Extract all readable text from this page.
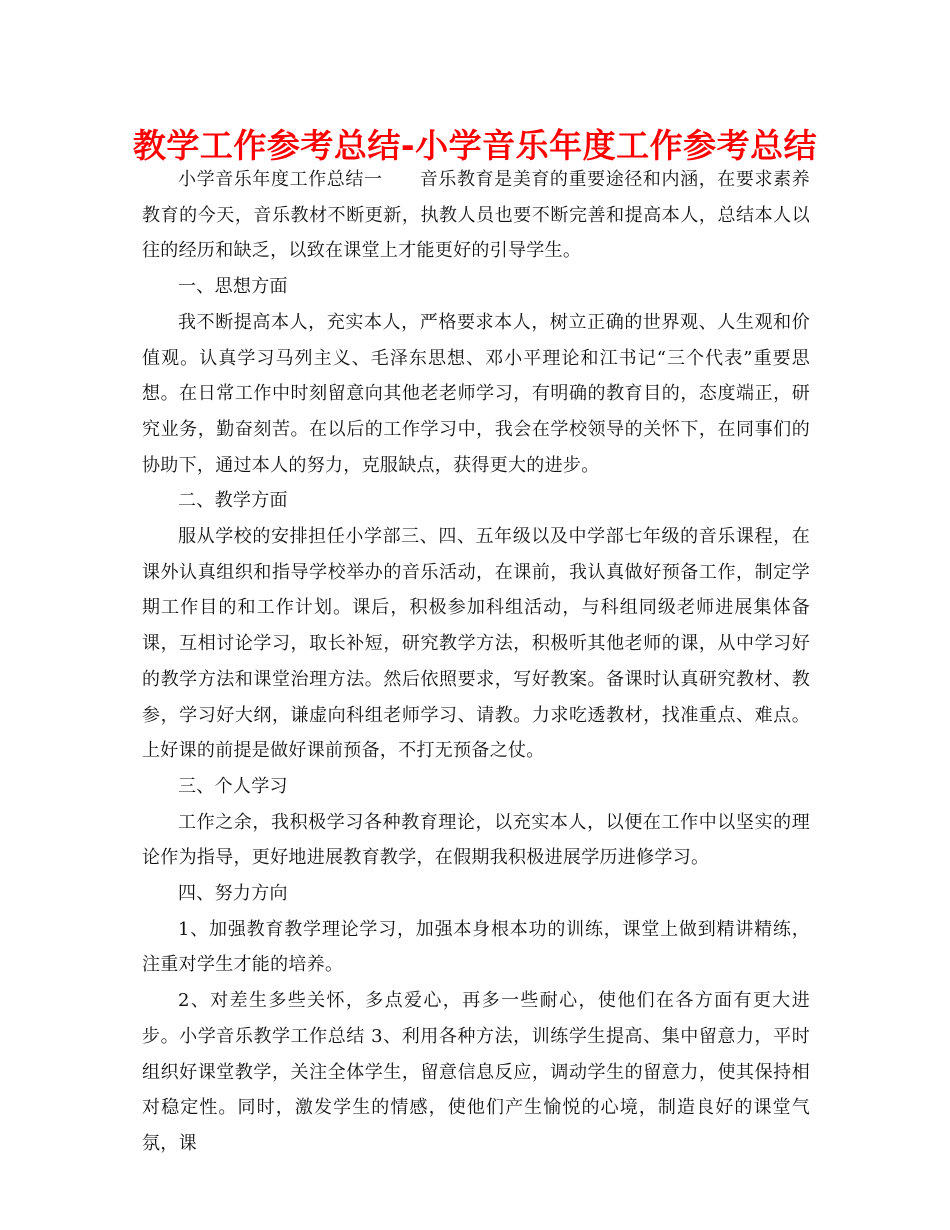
教学工作参考总结-小学音乐年度工作参考总结

小学音乐年度工作总结一　　音乐教育是美育的重要途径和内涵，在要求素养教育的今天，音乐教材不断更新，执教人员也要不断完善和提高本人，总结本人以往的经历和缺乏，以致在课堂上才能更好的引导学生。

一、思想方面

我不断提高本人，充实本人，严格要求本人，树立正确的世界观、人生观和价值观。认真学习马列主义、毛泽东思想、邓小平理论和江书记“三个代表”重要思想。在日常工作中时刻留意向其他老老师学习，有明确的教育目的，态度端正，研究业务，勤奋刻苦。在以后的工作学习中，我会在学校领导的关怀下，在同事们的协助下，通过本人的努力，克服缺点，获得更大的进步。

二、教学方面

服从学校的安排担任小学部三、四、五年级以及中学部七年级的音乐课程，在课外认真组织和指导学校举办的音乐活动，在课前，我认真做好预备工作，制定学期工作目的和工作计划。课后，积极参加科组活动，与科组同级老师进展集体备课，互相讨论学习，取长补短，研究教学方法，积极听其他老师的课，从中学习好的教学方法和课堂治理方法。然后依照要求，写好教案。备课时认真研究教材、教参，学习好大纲，谦虚向科组老师学习、请教。力求吃透教材，找准重点、难点。上好课的前提是做好课前预备，不打无预备之仗。

三、个人学习

工作之余，我积极学习各种教育理论，以充实本人，以便在工作中以坚实的理论作为指导，更好地进展教育教学，在假期我积极进展学历进修学习。

四、努力方向

1、加强教育教学理论学习，加强本身根本功的训练，课堂上做到精讲精练，注重对学生才能的培养。

2、对差生多些关怀，多点爱心，再多一些耐心，使他们在各方面有更大进步。小学音乐教学工作总结 3、利用各种方法，训练学生提高、集中留意力，平时组织好课堂教学，关注全体学生，留意信息反应，调动学生的留意力，使其保持相对稳定性。同时，激发学生的情感，使他们产生愉悦的心境，制造良好的课堂气氛，课
